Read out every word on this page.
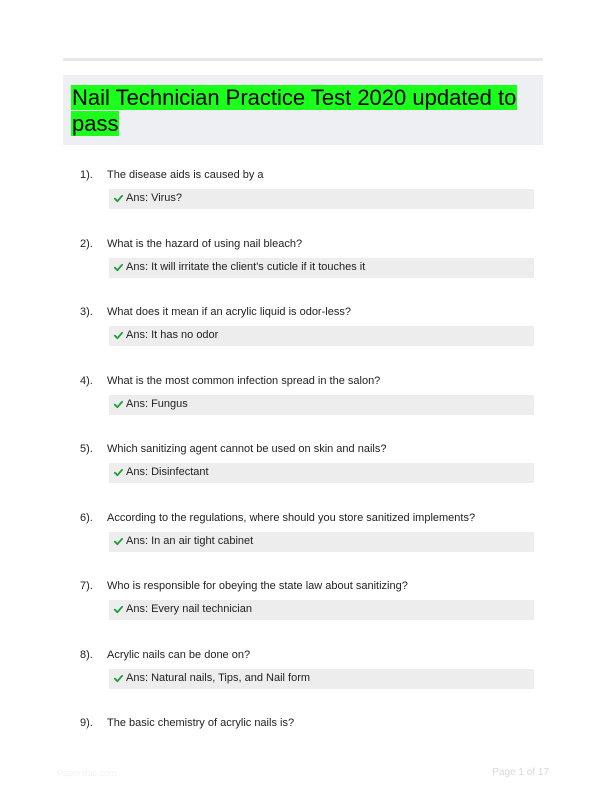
Nail Technician Practice Test 2020 updated to pass
1). The disease aids is caused by a
Ans: Virus?
2). What is the hazard of using nail bleach?
Ans: It will irritate the client's cuticle if it touches it
3). What does it mean if an acrylic liquid is odor-less?
Ans: It has no odor
4). What is the most common infection spread in the salon?
Ans: Fungus
5). Which sanitizing agent cannot be used on skin and nails?
Ans: Disinfectant
6). According to the regulations, where should you store sanitized implements?
Ans: In an air tight cabinet
7). Who is responsible for obeying the state law about sanitizing?
Ans: Every nail technician
8). Acrylic nails can be done on?
Ans: Natural nails, Tips, and Nail form
9). The basic chemistry of acrylic nails is?
Papersbic.com	Page 1 of 17
